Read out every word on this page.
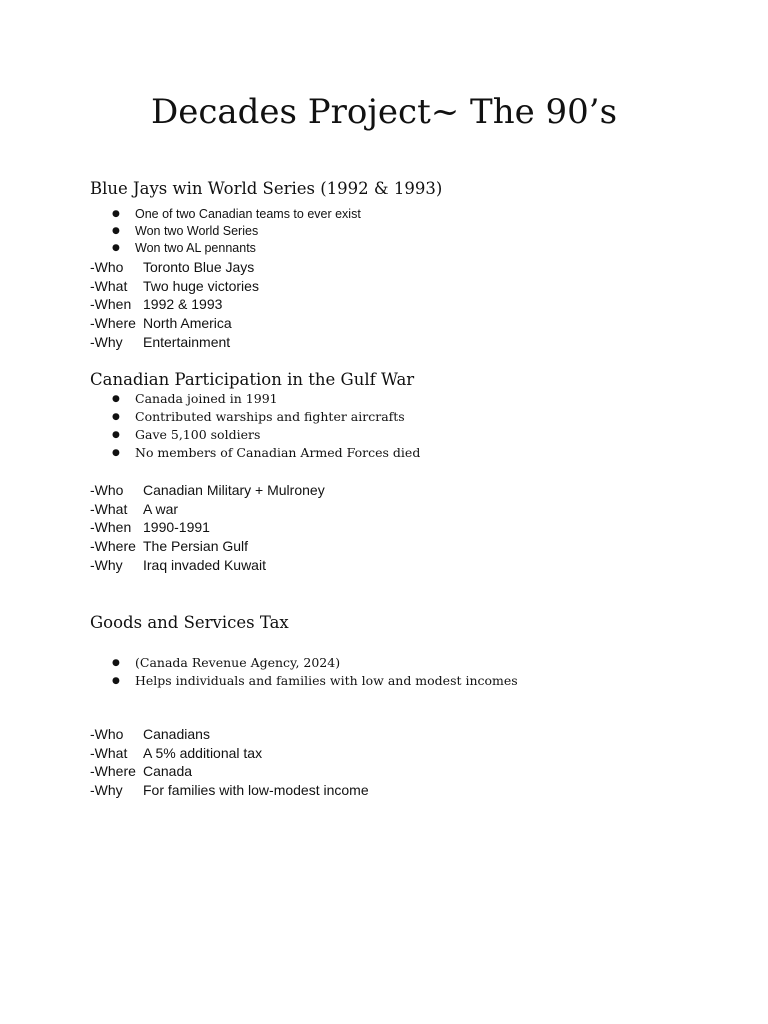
Decades Project~ The 90’s
Blue Jays win World Series (1992 & 1993)
● One of two Canadian teams to ever exist
● Won two World Series
● Won two AL pennants
-Who	Toronto Blue Jays
-What	Two huge victories
-When 1992 & 1993
-Where North America
-Why	Entertainment
Canadian Participation in the Gulf War
● Canada joined in 1991
● Contributed warships and fighter aircrafts
● Gave 5,100 soldiers
● No members of Canadian Armed Forces died
-Who	Canadian Military + Mulroney
-What	A war
-When 1990-1991
-Where The Persian Gulf
-Why	Iraq invaded Kuwait
Goods and Services Tax
● (Canada Revenue Agency, 2024)
● Helps individuals and families with low and modest incomes
-Who	Canadians
-What	A 5% additional tax
-Where Canada
-Why	For families with low-modest income
